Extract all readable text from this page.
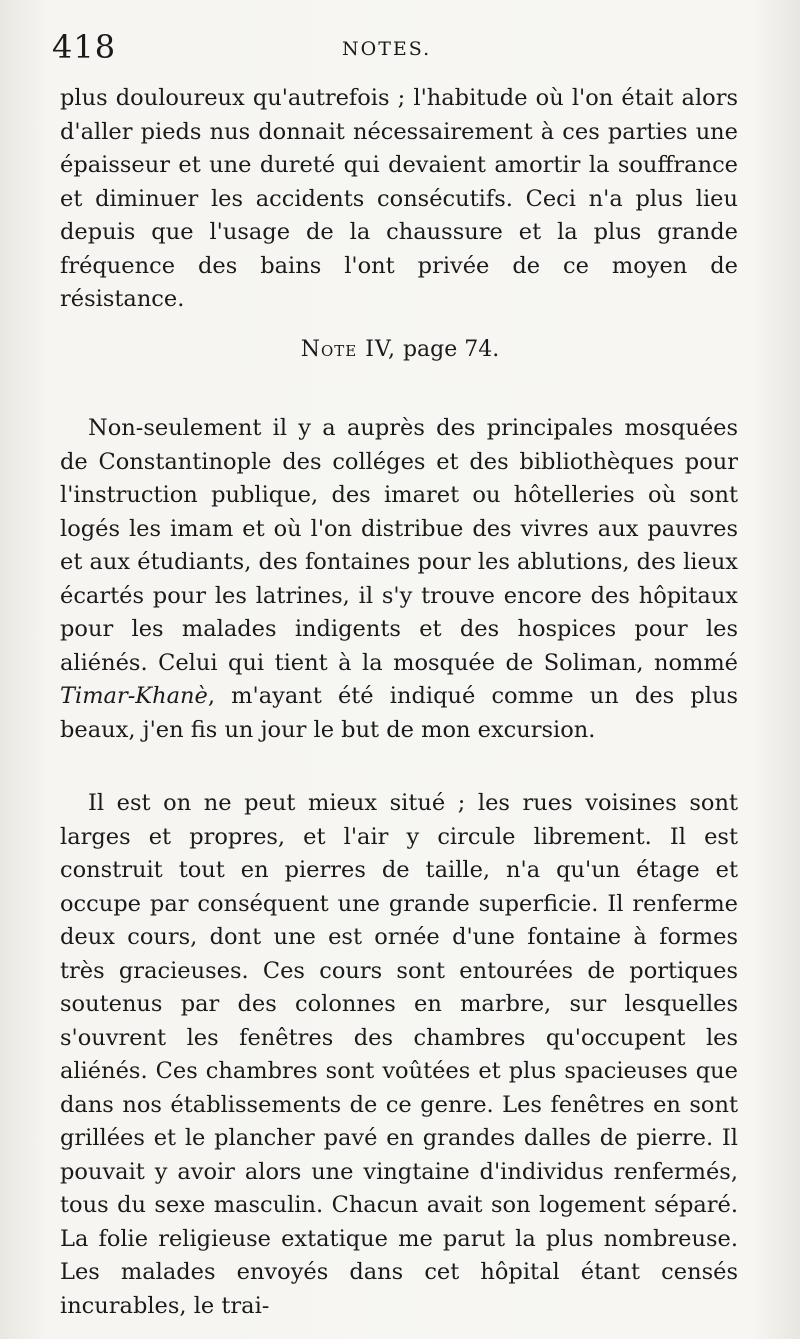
418	NOTES.

plus douloureux qu'autrefois ; l'habitude où l'on était alors d'aller pieds nus donnait nécessairement à ces parties une épaisseur et une dureté qui devaient amortir la souffrance et diminuer les accidents consécutifs. Ceci n'a plus lieu depuis que l'usage de la chaussure et la plus grande fréquence des bains l'ont privée de ce moyen de résistance.

Note IV, page 74.

Non-seulement il y a auprès des principales mosquées de Constantinople des colléges et des bibliothèques pour l'instruction publique, des imaret ou hôtelleries où sont logés les imam et où l'on distribue des vivres aux pauvres et aux étudiants, des fontaines pour les ablutions, des lieux écartés pour les latrines, il s'y trouve encore des hôpitaux pour les malades indigents et des hospices pour les aliénés. Celui qui tient à la mosquée de Soliman, nommé Timar-Khanè, m'ayant été indiqué comme un des plus beaux, j'en fis un jour le but de mon excursion.

Il est on ne peut mieux situé ; les rues voisines sont larges et propres, et l'air y circule librement. Il est construit tout en pierres de taille, n'a qu'un étage et occupe par conséquent une grande superficie. Il renferme deux cours, dont une est ornée d'une fontaine à formes très gracieuses. Ces cours sont entourées de portiques soutenus par des colonnes en marbre, sur lesquelles s'ouvrent les fenêtres des chambres qu'occupent les aliénés. Ces chambres sont voûtées et plus spacieuses que dans nos établissements de ce genre. Les fenêtres en sont grillées et le plancher pavé en grandes dalles de pierre. Il pouvait y avoir alors une vingtaine d'individus renfermés, tous du sexe masculin. Chacun avait son logement séparé. La folie religieuse extatique me parut la plus nombreuse. Les malades envoyés dans cet hôpital étant censés incurables, le trai-
